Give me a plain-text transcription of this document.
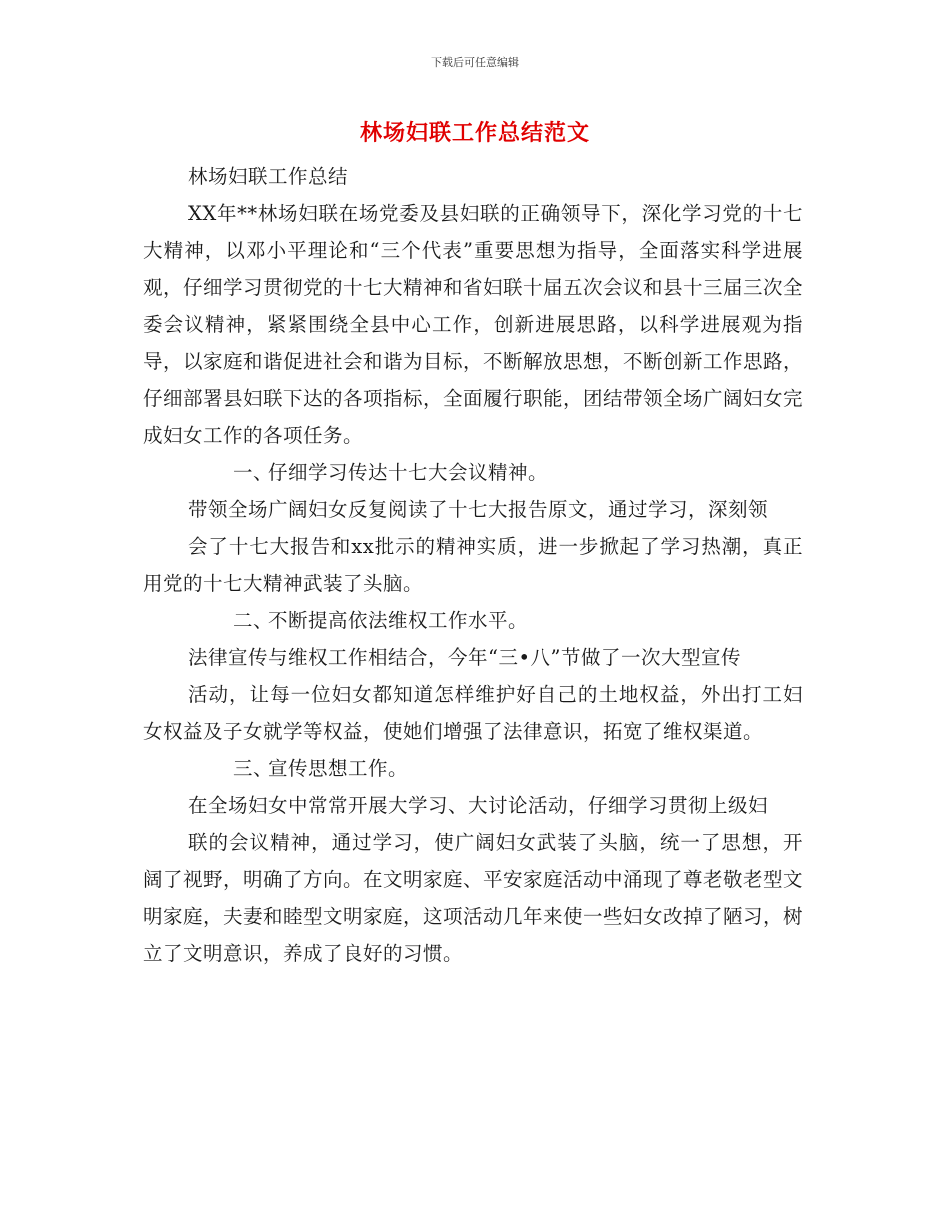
下载后可任意编辑
林场妇联工作总结范文

林场妇联工作总结

XX年**林场妇联在场党委及县妇联的正确领导下，深化学习党的十七大精神，以邓小平理论和“三个代表”重要思想为指导，全面落实科学进展观，仔细学习贯彻党的十七大精神和省妇联十届五次会议和县十三届三次全委会议精神，紧紧围绕全县中心工作，创新进展思路，以科学进展观为指导，以家庭和谐促进社会和谐为目标，不断解放思想，不断创新工作思路，仔细部署县妇联下达的各项指标，全面履行职能，团结带领全场广阔妇女完成妇女工作的各项任务。

一、仔细学习传达十七大会议精神。

带领全场广阔妇女反复阅读了十七大报告原文，通过学习，深刻领

会了十七大报告和xx批示的精神实质，进一步掀起了学习热潮，真正用党的十七大精神武装了头脑。

二、不断提高依法维权工作水平。

法律宣传与维权工作相结合，今年“三•八”节做了一次大型宣传

活动，让每一位妇女都知道怎样维护好自己的土地权益，外出打工妇女权益及子女就学等权益，使她们增强了法律意识，拓宽了维权渠道。

三、宣传思想工作。

在全场妇女中常常开展大学习、大讨论活动，仔细学习贯彻上级妇

联的会议精神，通过学习，使广阔妇女武装了头脑，统一了思想，开阔了视野，明确了方向。在文明家庭、平安家庭活动中涌现了尊老敬老型文明家庭，夫妻和睦型文明家庭，这项活动几年来使一些妇女改掉了陋习，树立了文明意识，养成了良好的习惯。
